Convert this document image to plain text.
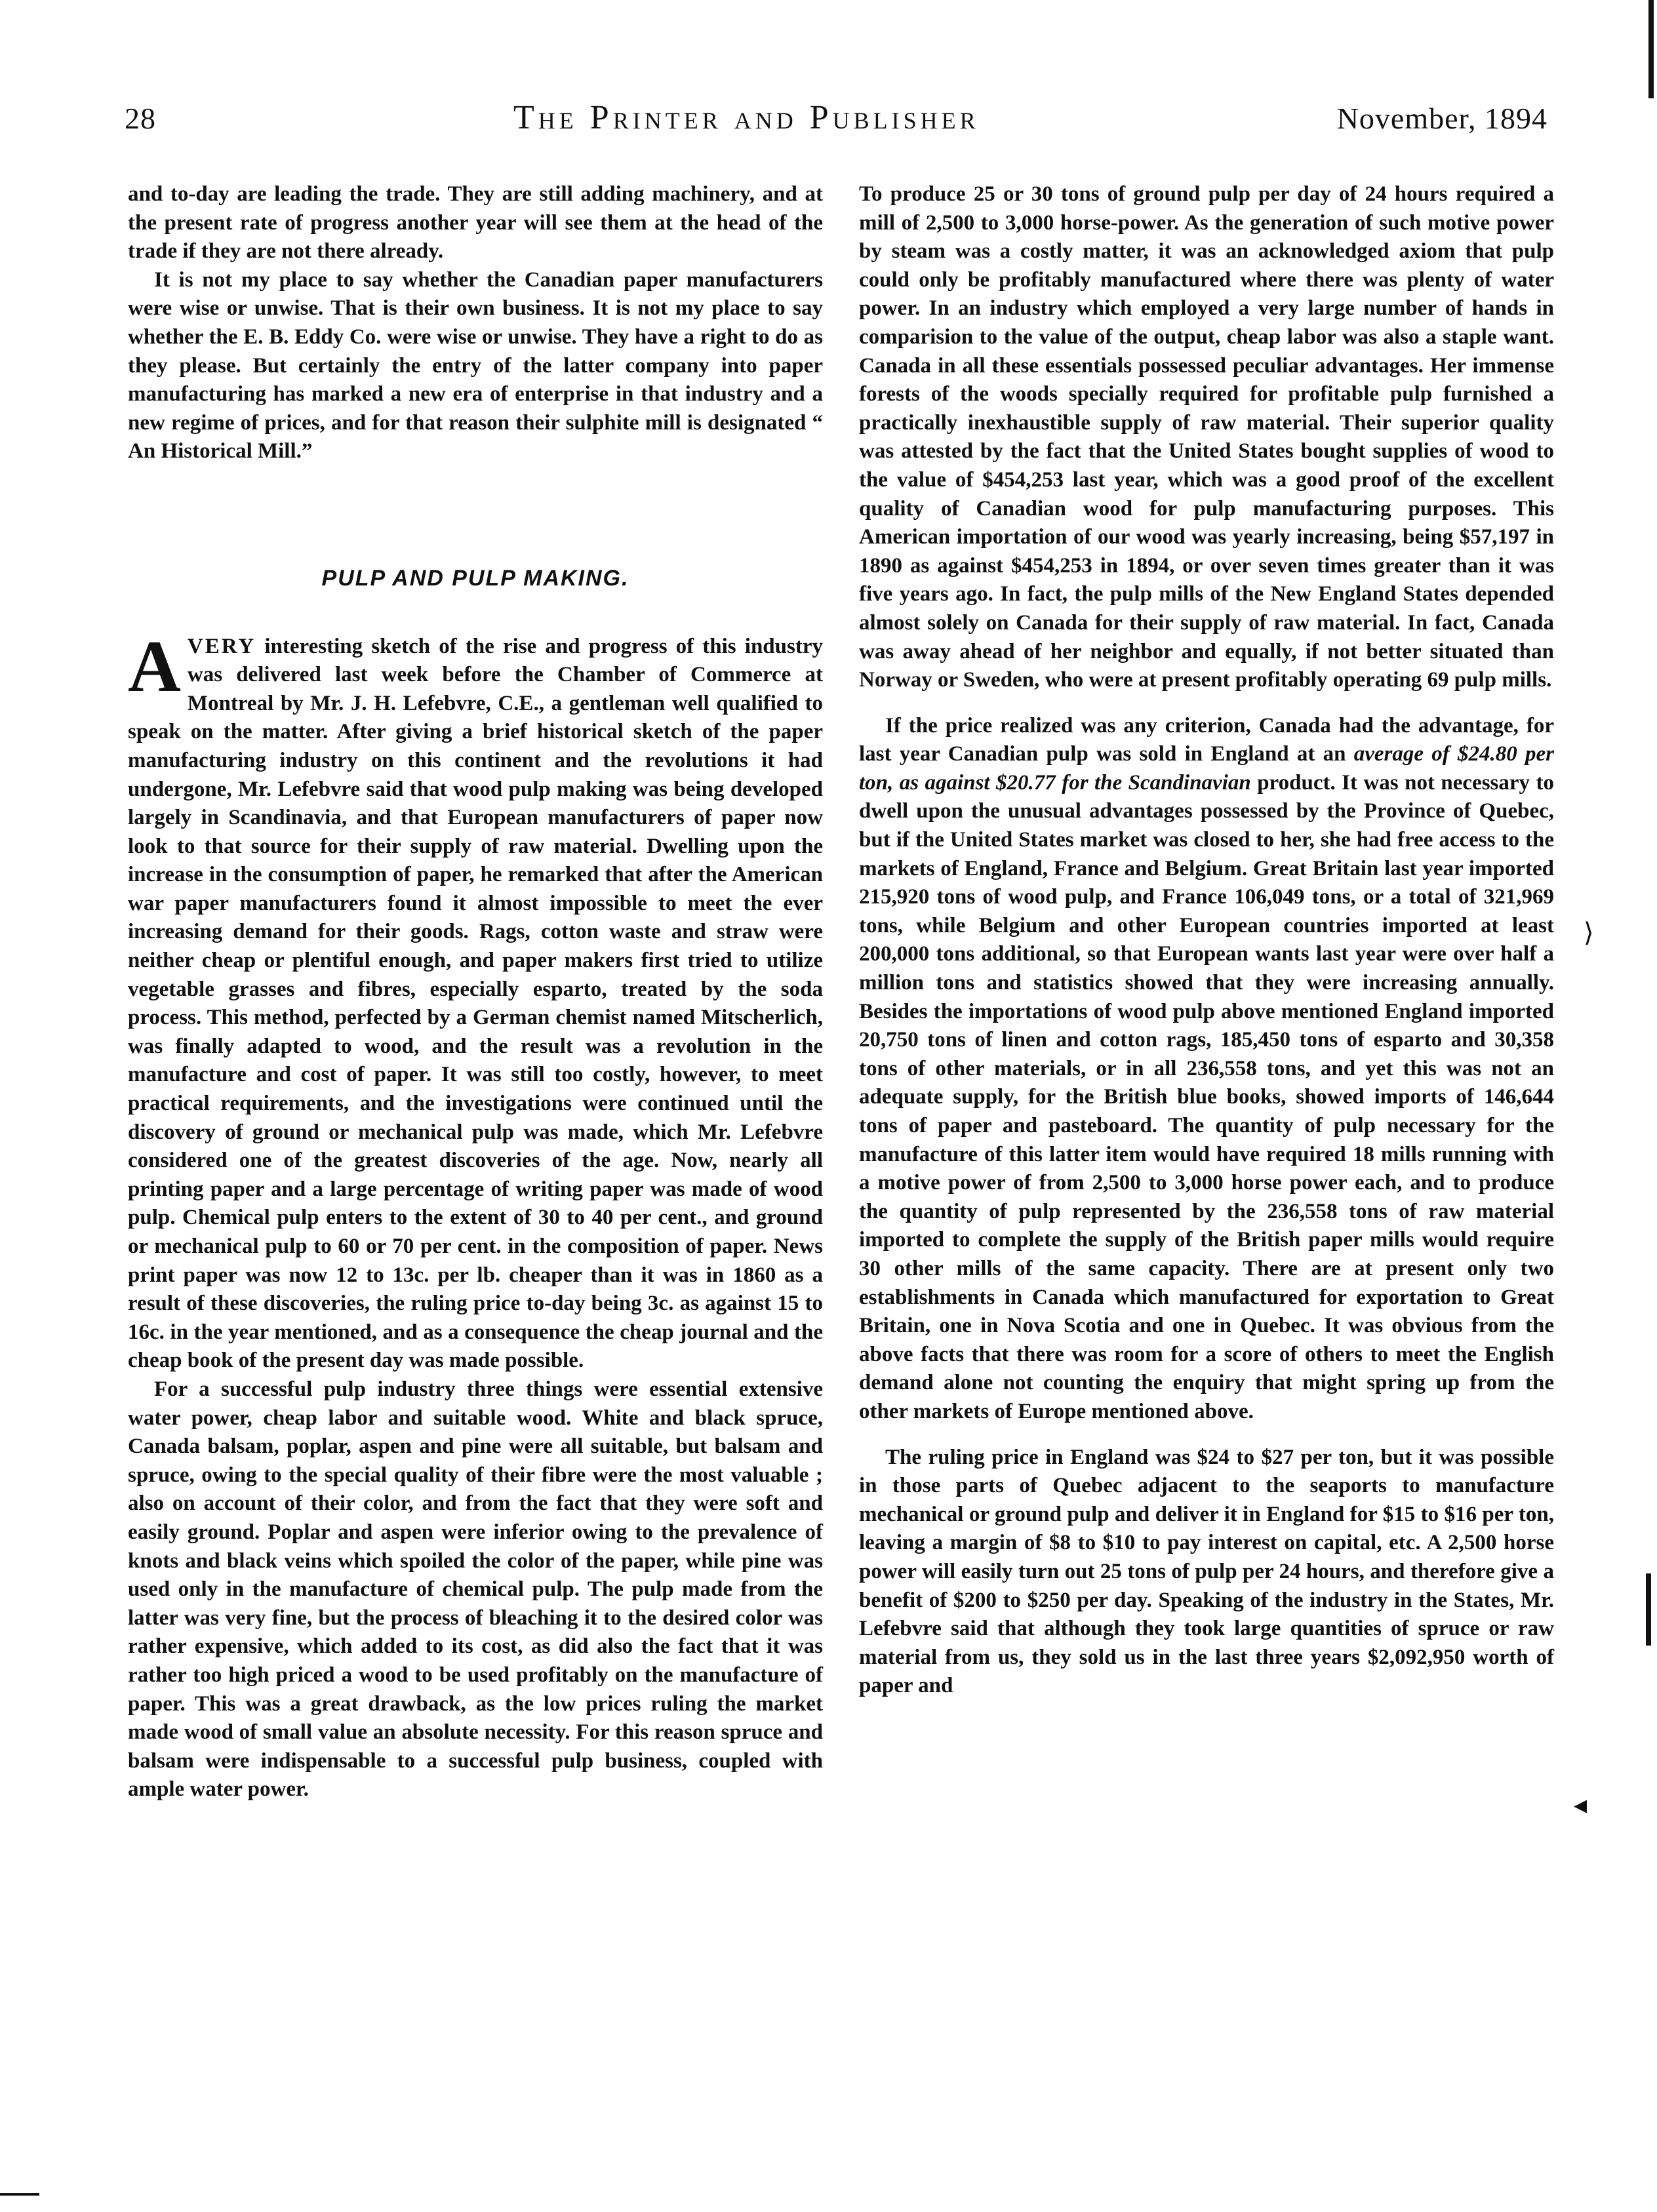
28	The Printer and Publisher	November, 1894

and to-day are leading the trade. They are still adding machinery, and at the present rate of progress another year will see them at the head of the trade if they are not there already.

It is not my place to say whether the Canadian paper manufacturers were wise or unwise. That is their own business. It is not my place to say whether the E. B. Eddy Co. were wise or unwise. They have a right to do as they please. But certainly the entry of the latter company into paper manufacturing has marked a new era of enterprise in that industry and a new regime of prices, and for that reason their sulphite mill is designated “ An Historical Mill.”

PULP AND PULP MAKING.

AVERY interesting sketch of the rise and progress of this industry was delivered last week before the Chamber of Commerce at Montreal by Mr. J. H. Lefebvre, C.E., a gentleman well qualified to speak on the matter. After giving a brief historical sketch of the paper manufacturing industry on this continent and the revolutions it had undergone, Mr. Lefebvre said that wood pulp making was being developed largely in Scandinavia, and that European manufacturers of paper now look to that source for their supply of raw material. Dwelling upon the increase in the consumption of paper, he remarked that after the American war paper manufacturers found it almost impossible to meet the ever increasing demand for their goods. Rags, cotton waste and straw were neither cheap or plentiful enough, and paper makers first tried to utilize vegetable grasses and fibres, especially esparto, treated by the soda process. This method, perfected by a German chemist named Mitscherlich, was finally adapted to wood, and the result was a revolution in the manufacture and cost of paper. It was still too costly, however, to meet practical requirements, and the investigations were continued until the discovery of ground or mechanical pulp was made, which Mr. Lefebvre considered one of the greatest discoveries of the age. Now, nearly all printing paper and a large percentage of writing paper was made of wood pulp. Chemical pulp enters to the extent of 30 to 40 per cent., and ground or mechanical pulp to 60 or 70 per cent. in the composition of paper. News print paper was now 12 to 13c. per lb. cheaper than it was in 1860 as a result of these discoveries, the ruling price to-day being 3c. as against 15 to 16c. in the year mentioned, and as a consequence the cheap journal and the cheap book of the present day was made possible.

For a successful pulp industry three things were essential extensive water power, cheap labor and suitable wood. White and black spruce, Canada balsam, poplar, aspen and pine were all suitable, but balsam and spruce, owing to the special quality of their fibre were the most valuable ; also on account of their color, and from the fact that they were soft and easily ground. Poplar and aspen were inferior owing to the prevalence of knots and black veins which spoiled the color of the paper, while pine was used only in the manufacture of chemical pulp. The pulp made from the latter was very fine, but the process of bleaching it to the desired color was rather expensive, which added to its cost, as did also the fact that it was rather too high priced a wood to be used profitably on the manufacture of paper. This was a great drawback, as the low prices ruling the market made wood of small value an absolute necessity. For this reason spruce and balsam were indispensable to a successful pulp business, coupled with ample water power.

To produce 25 or 30 tons of ground pulp per day of 24 hours required a mill of 2,500 to 3,000 horse-power. As the generation of such motive power by steam was a costly matter, it was an acknowledged axiom that pulp could only be profitably manufactured where there was plenty of water power. In an industry which employed a very large number of hands in comparision to the value of the output, cheap labor was also a staple want. Canada in all these essentials possessed peculiar advantages. Her immense forests of the woods specially required for profitable pulp furnished a practically inexhaustible supply of raw material. Their superior quality was attested by the fact that the United States bought supplies of wood to the value of $454,253 last year, which was a good proof of the excellent quality of Canadian wood for pulp manufacturing purposes. This American importation of our wood was yearly increasing, being $57,197 in 1890 as against $454,253 in 1894, or over seven times greater than it was five years ago. In fact, the pulp mills of the New England States depended almost solely on Canada for their supply of raw material. In fact, Canada was away ahead of her neighbor and equally, if not better situated than Norway or Sweden, who were at present profitably operating 69 pulp mills.

If the price realized was any criterion, Canada had the advantage, for last year Canadian pulp was sold in England at an average of $24.80 per ton, as against $20.77 for the Scandinavian product. It was not necessary to dwell upon the unusual advantages possessed by the Province of Quebec, but if the United States market was closed to her, she had free access to the markets of England, France and Belgium. Great Britain last year imported 215,920 tons of wood pulp, and France 106,049 tons, or a total of 321,969 tons, while Belgium and other European countries imported at least 200,000 tons additional, so that European wants last year were over half a million tons and statistics showed that they were increasing annually. Besides the importations of wood pulp above mentioned England imported 20,750 tons of linen and cotton rags, 185,450 tons of esparto and 30,358 tons of other materials, or in all 236,558 tons, and yet this was not an adequate supply, for the British blue books, showed imports of 146,644 tons of paper and pasteboard. The quantity of pulp necessary for the manufacture of this latter item would have required 18 mills running with a motive power of from 2,500 to 3,000 horse power each, and to produce the quantity of pulp represented by the 236,558 tons of raw material imported to complete the supply of the British paper mills would require 30 other mills of the same capacity. There are at present only two establishments in Canada which manufactured for exportation to Great Britain, one in Nova Scotia and one in Quebec. It was obvious from the above facts that there was room for a score of others to meet the English demand alone not counting the enquiry that might spring up from the other markets of Europe mentioned above.

The ruling price in England was $24 to $27 per ton, but it was possible in those parts of Quebec adjacent to the seaports to manufacture mechanical or ground pulp and deliver it in England for $15 to $16 per ton, leaving a margin of $8 to $10 to pay interest on capital, etc. A 2,500 horse power will easily turn out 25 tons of pulp per 24 hours, and therefore give a benefit of $200 to $250 per day. Speaking of the industry in the States, Mr. Lefebvre said that although they took large quantities of spruce or raw material from us, they sold us in the last three years $2,092,950 worth of paper and

⟩
◂
